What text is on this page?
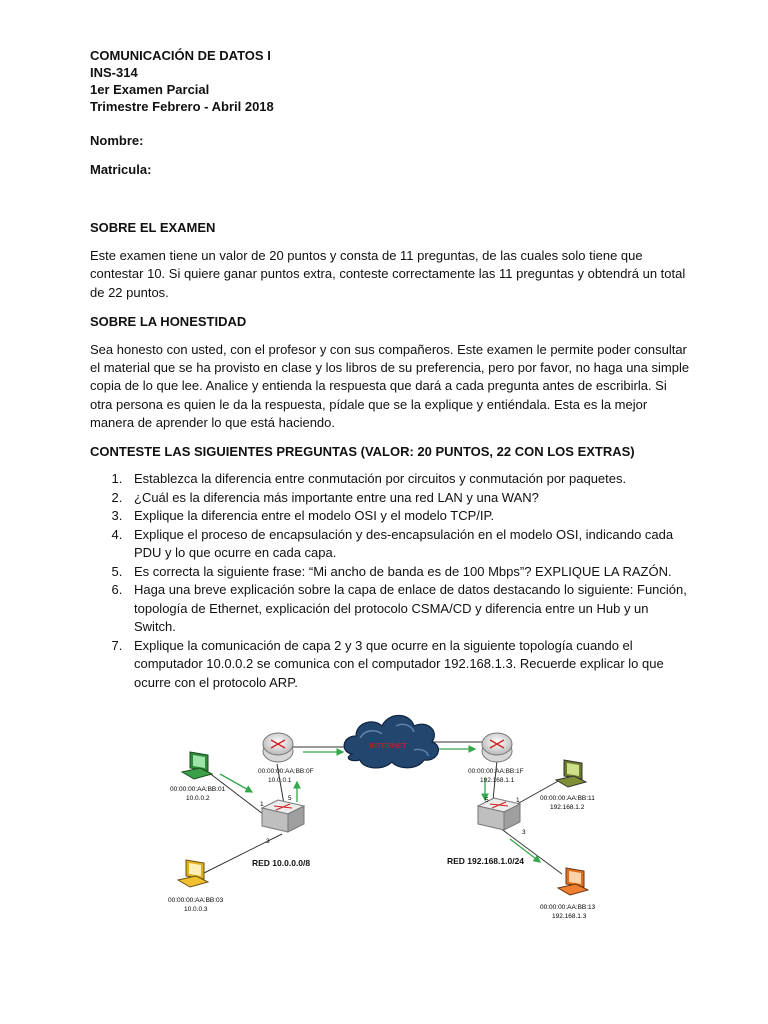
COMUNICACIÓN DE DATOS I

INS-314

1er Examen Parcial

Trimestre Febrero - Abril 2018

Nombre:

Matricula:

SOBRE EL EXAMEN

Este examen tiene un valor de 20 puntos y consta de 11 preguntas, de las cuales solo tiene que contestar 10. Si quiere ganar puntos extra, conteste correctamente las 11 preguntas y obtendrá un total de 22 puntos.

SOBRE LA HONESTIDAD

Sea honesto con usted, con el profesor y con sus compañeros. Este examen le permite poder consultar el material que se ha provisto en clase y los libros de su preferencia, pero por favor, no haga una simple copia de lo que lee. Analice y entienda la respuesta que dará a cada pregunta antes de escribirla. Si otra persona es quien le da la respuesta, pídale que se la explique y entiéndala. Esta es la mejor manera de aprender lo que está haciendo.

CONTESTE LAS SIGUIENTES PREGUNTAS (VALOR: 20 PUNTOS, 22 CON LOS EXTRAS)

1. Establezca la diferencia entre conmutación por circuitos y conmutación por paquetes.
2. ¿Cuál es la diferencia más importante entre una red LAN y una WAN?
3. Explique la diferencia entre el modelo OSI y el modelo TCP/IP.
4. Explique el proceso de encapsulación y des-encapsulación en el modelo OSI, indicando cada PDU y lo que ocurre en cada capa.
5. Es correcta la siguiente frase: “Mi ancho de banda es de 100 Mbps”? EXPLIQUE LA RAZÓN.
6. Haga una breve explicación sobre la capa de enlace de datos destacando lo siguiente: Función, topología de Ethernet, explicación del protocolo CSMA/CD y diferencia entre un Hub y un Switch.
7. Explique la comunicación de capa 2 y 3 que ocurre en la siguiente topología cuando el computador 10.0.0.2 se comunica con el computador 192.168.1.3. Recuerde explicar lo que ocurre con el protocolo ARP.
INTERNET
00:00:00:AA:BB:0F
10.0.0.1
00:00:00:AA:BB:1F
192.168.1.1
1
5
3
5	1
3
00:00:00:AA:BB:01
10.0.0.2
00:00:00:AA:BB:03
10.0.0.3
00:00:00:AA:BB:11
192.168.1.2
00:00:00:AA:BB:13
192.168.1.3
RED 10.0.0.0/8	RED 192.168.1.0/24
